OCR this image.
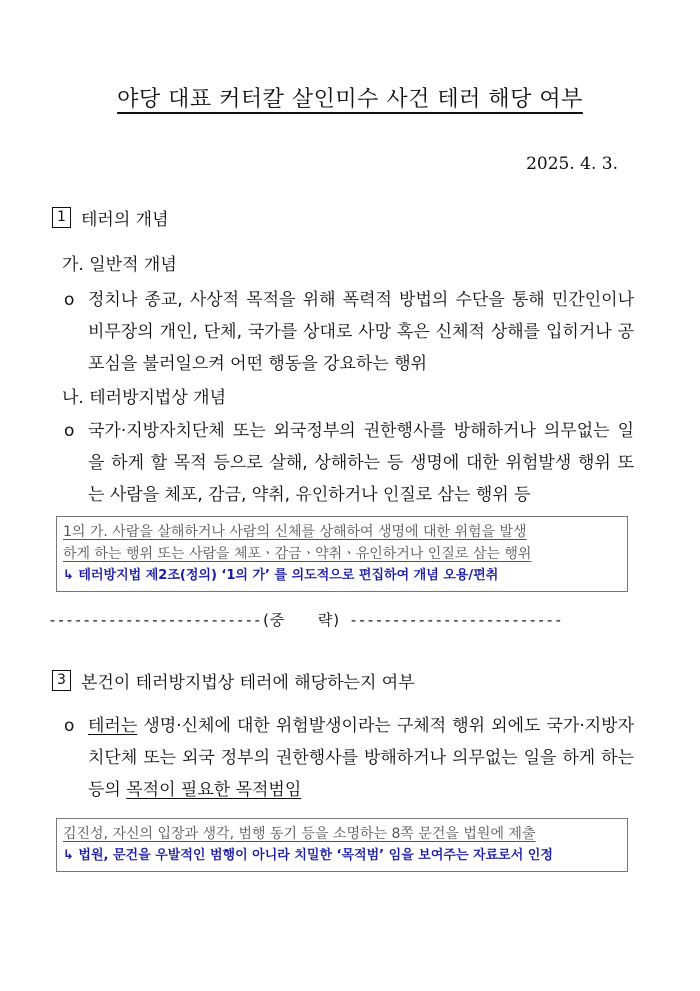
야당 대표 커터칼 살인미수 사건 테러 해당 여부
2025. 4. 3.
1 테러의 개념
가. 일반적 개념
o 정치나 종교, 사상적 목적을 위해 폭력적 방법의 수단을 통해 민간인이나 비무장의 개인, 단체, 국가를 상대로 사망 혹은 신체적 상해를 입히거나 공포심을 불러일으켜 어떤 행동을 강요하는 행위
나. 테러방지법상 개념
o 국가·지방자치단체 또는 외국정부의 권한행사를 방해하거나 의무없는 일을 하게 할 목적 등으로 살해, 상해하는 등 생명에 대한 위험발생 행위 또는 사람을 체포, 감금, 약취, 유인하거나 인질로 삼는 행위 등
1의 가. 사람을 살해하거나 사람의 신체를 상해하여 생명에 대한 위험을 발생
하게 하는 행위 또는 사람을 체포ㆍ감금ㆍ약취ㆍ유인하거나 인질로 삼는 행위
↳ 테러방지법 제2조(정의) ‘1의 가’ 를 의도적으로 편집하여 개념 오용/편취
-------------------------(중    략) -------------------------
3 본건이 테러방지법상 테러에 해당하는지 여부
o 테러는 생명·신체에 대한 위험발생이라는 구체적 행위 외에도 국가·지방자치단체 또는 외국 정부의 권한행사를 방해하거나 의무없는 일을 하게 하는 등의 목적이 필요한 목적범임
김진성, 자신의 입장과 생각, 범행 동기 등을 소명하는 8쪽 문건을 법원에 제출
↳ 법원, 문건을 우발적인 범행이 아니라 치밀한 ‘목적범’ 임을 보여주는 자료로서 인정
